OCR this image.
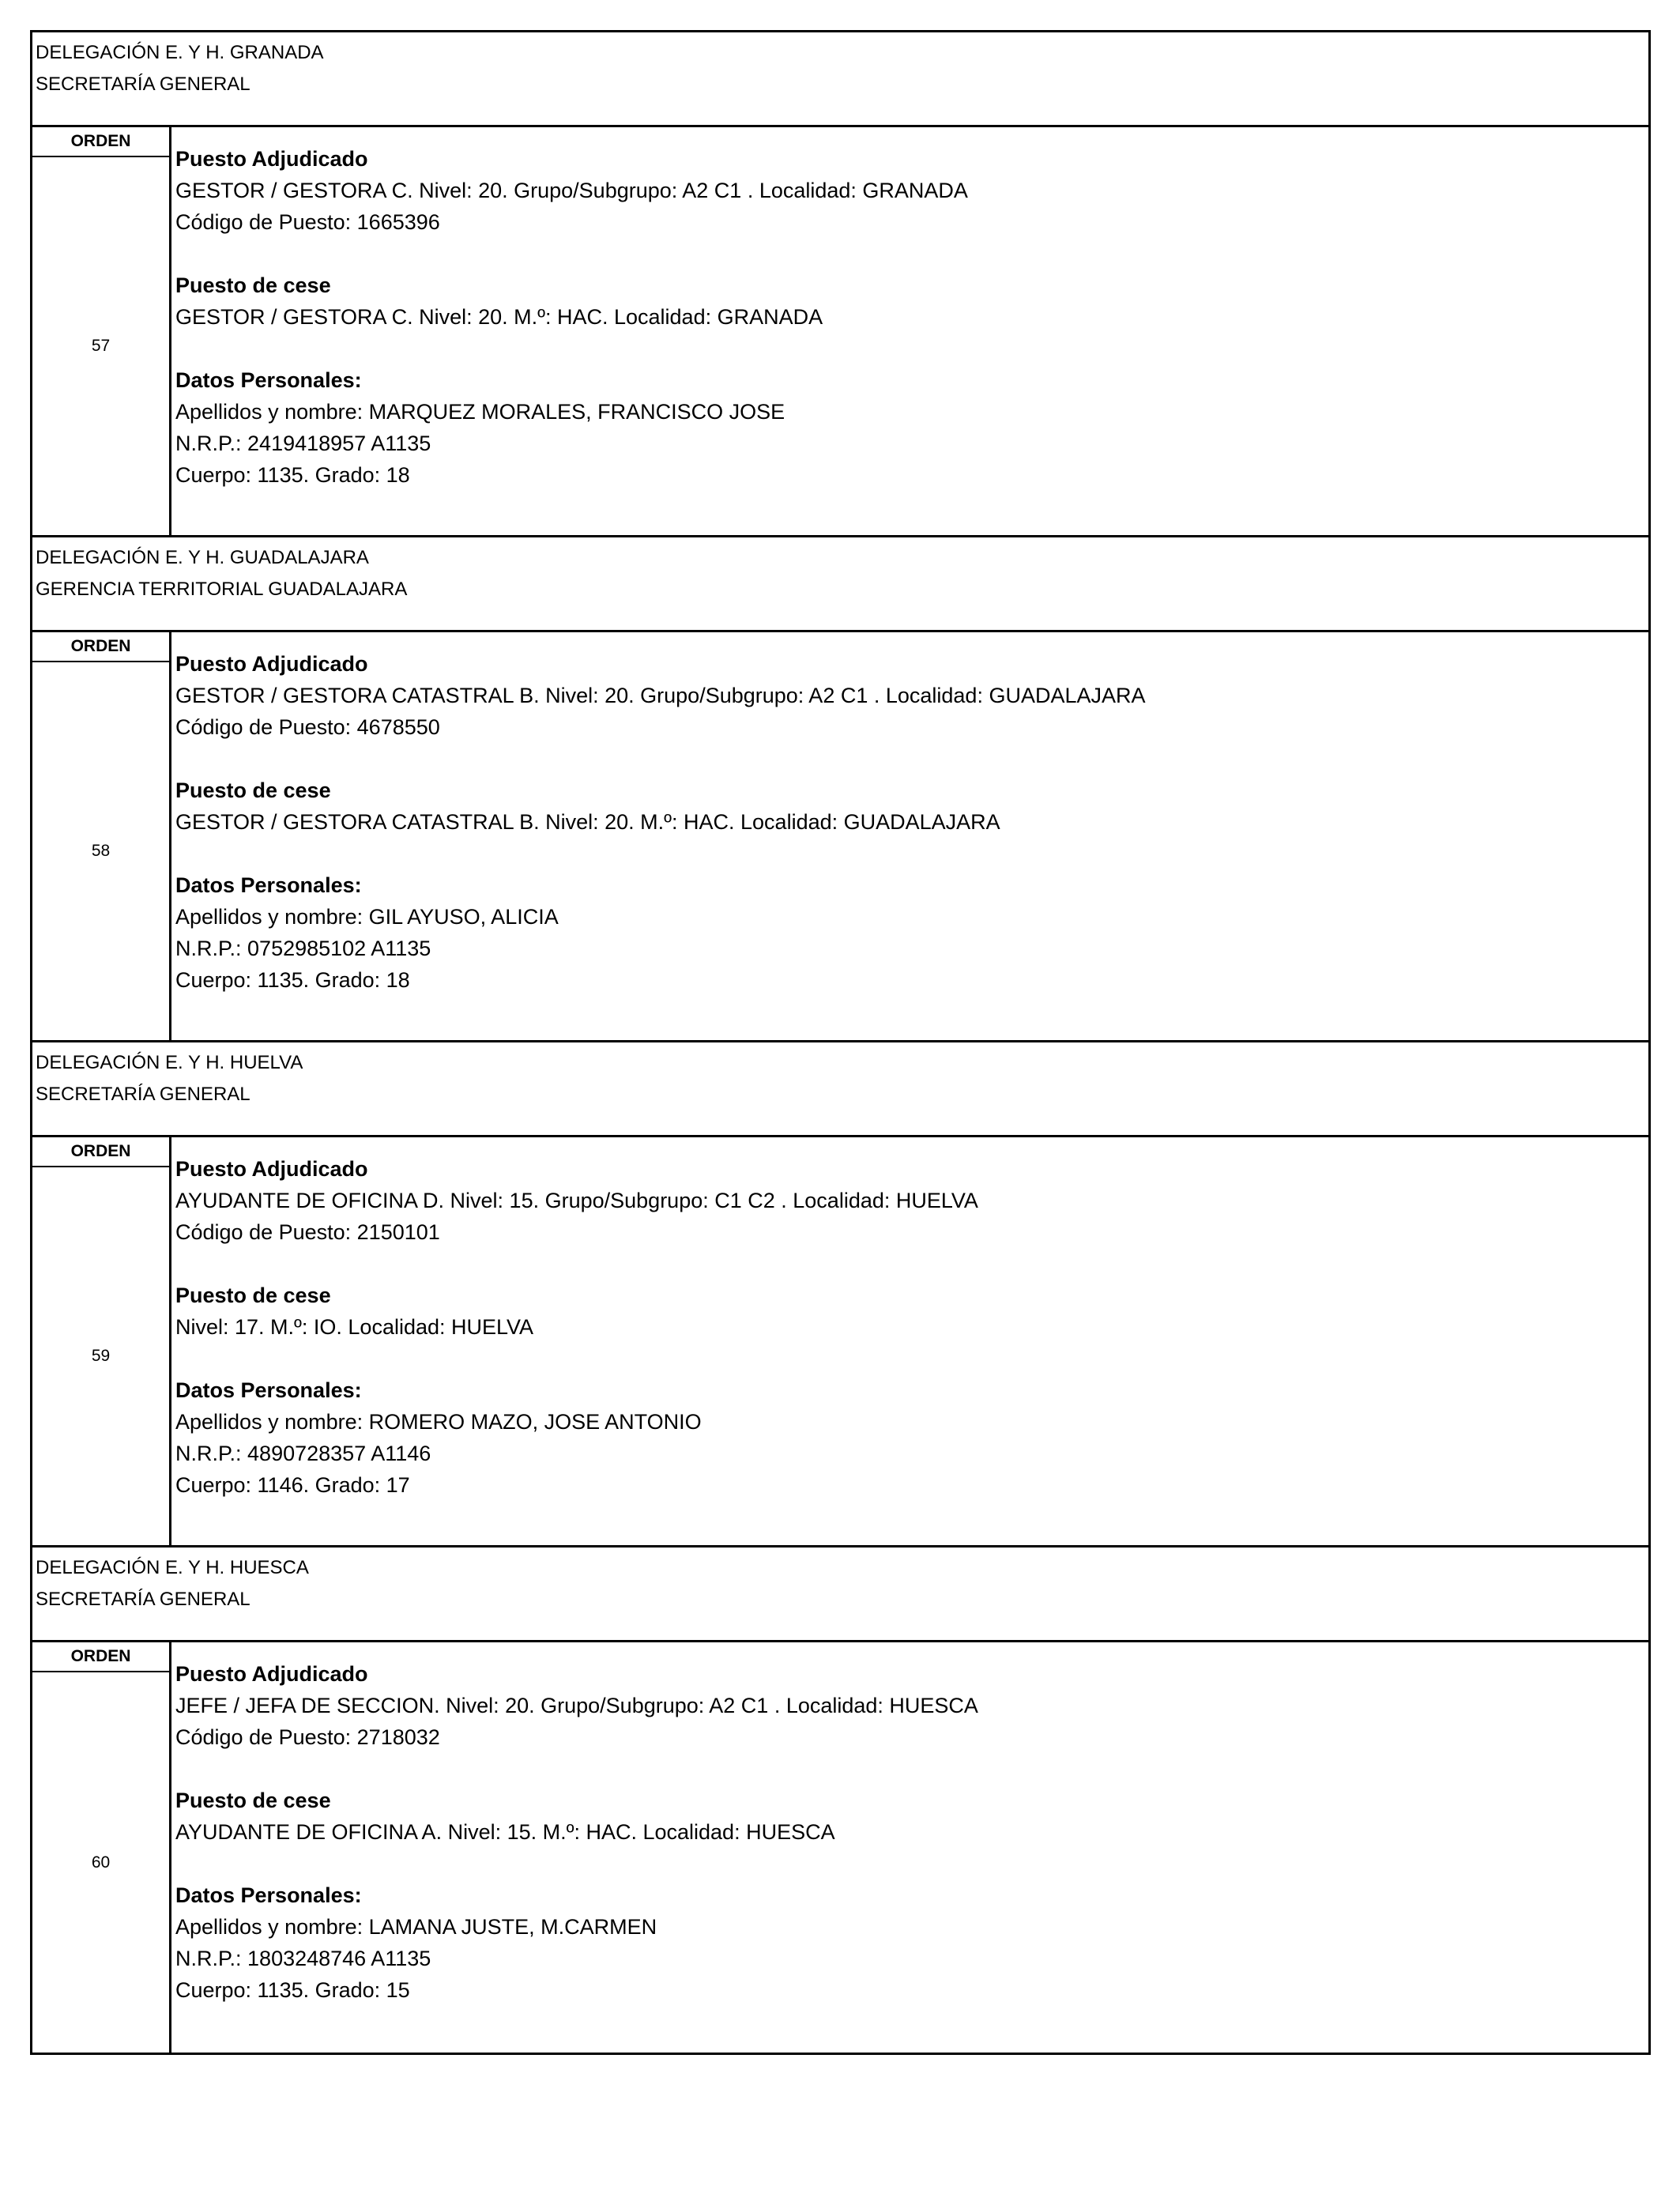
DELEGACIÓN E. Y H. GRANADA
SECRETARÍA GENERAL
ORDEN
57
Puesto Adjudicado
GESTOR / GESTORA C. Nivel: 20. Grupo/Subgrupo: A2 C1 . Localidad: GRANADA
Código de Puesto: 1665396
Puesto de cese
GESTOR / GESTORA C. Nivel: 20. M.º: HAC. Localidad: GRANADA
Datos Personales:
Apellidos y nombre: MARQUEZ MORALES, FRANCISCO JOSE
N.R.P.: 2419418957 A1135
Cuerpo: 1135. Grado: 18
DELEGACIÓN E. Y H. GUADALAJARA
GERENCIA TERRITORIAL GUADALAJARA
ORDEN
58
Puesto Adjudicado
GESTOR / GESTORA CATASTRAL B. Nivel: 20. Grupo/Subgrupo: A2 C1 . Localidad: GUADALAJARA
Código de Puesto: 4678550
Puesto de cese
GESTOR / GESTORA CATASTRAL B. Nivel: 20. M.º: HAC. Localidad: GUADALAJARA
Datos Personales:
Apellidos y nombre: GIL AYUSO, ALICIA
N.R.P.: 0752985102 A1135
Cuerpo: 1135. Grado: 18
DELEGACIÓN E. Y H. HUELVA
SECRETARÍA GENERAL
ORDEN
59
Puesto Adjudicado
AYUDANTE DE OFICINA D. Nivel: 15. Grupo/Subgrupo: C1 C2 . Localidad: HUELVA
Código de Puesto: 2150101
Puesto de cese
Nivel: 17. M.º: IO. Localidad: HUELVA
Datos Personales:
Apellidos y nombre: ROMERO MAZO, JOSE ANTONIO
N.R.P.: 4890728357 A1146
Cuerpo: 1146. Grado: 17
DELEGACIÓN E. Y H. HUESCA
SECRETARÍA GENERAL
ORDEN
60
Puesto Adjudicado
JEFE / JEFA DE SECCION. Nivel: 20. Grupo/Subgrupo: A2 C1 . Localidad: HUESCA
Código de Puesto: 2718032
Puesto de cese
AYUDANTE DE OFICINA A. Nivel: 15. M.º: HAC. Localidad: HUESCA
Datos Personales:
Apellidos y nombre: LAMANA JUSTE, M.CARMEN
N.R.P.: 1803248746 A1135
Cuerpo: 1135. Grado: 15
